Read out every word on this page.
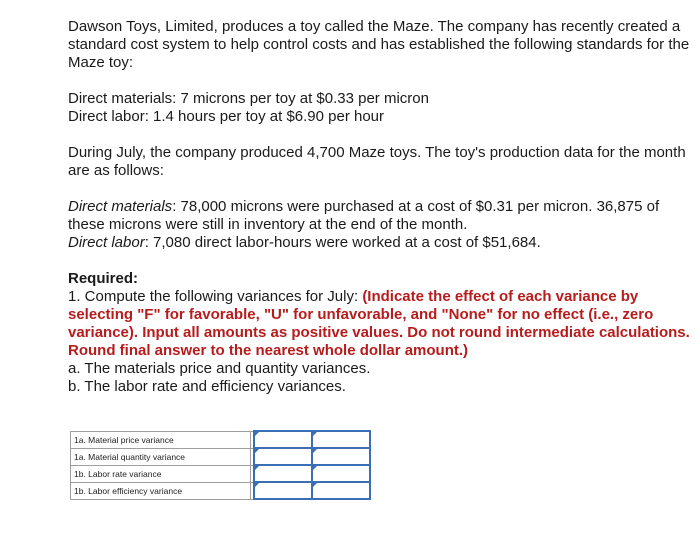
Dawson Toys, Limited, produces a toy called the Maze. The company has recently created a standard cost system to help control costs and has established the following standards for the Maze toy:

Direct materials: 7 microns per toy at $0.33 per micron

Direct labor: 1.4 hours per toy at $6.90 per hour

During July, the company produced 4,700 Maze toys. The toy's production data for the month are as follows:

Direct materials: 78,000 microns were purchased at a cost of $0.31 per micron. 36,875 of these microns were still in inventory at the end of the month.

Direct labor: 7,080 direct labor-hours were worked at a cost of $51,684.

Required:

1. Compute the following variances for July: (Indicate the effect of each variance by selecting "F" for favorable, "U" for unfavorable, and "None" for no effect (i.e., zero variance). Input all amounts as positive values. Do not round intermediate calculations. Round final answer to the nearest whole dollar amount.)

a. The materials price and quantity variances.

b. The labor rate and efficiency variances.

1a. Material price variance			
1a. Material quantity variance			
1b. Labor rate variance			
1b. Labor efficiency variance			
